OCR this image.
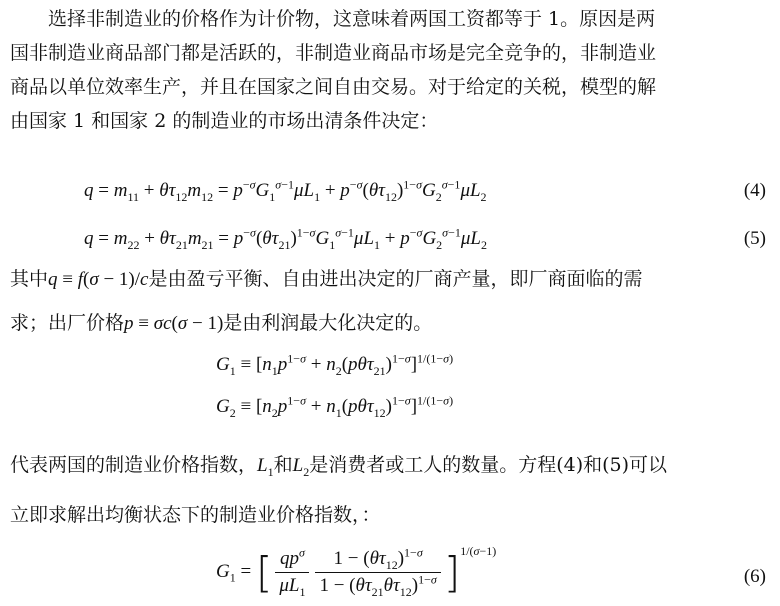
选择非制造业的价格作为计价物，这意味着两国工资都等于 1。原因是两
国非制造业商品部门都是活跃的，非制造业商品市场是完全竞争的，非制造业
商品以单位效率生产，并且在国家之间自由交易。对于给定的关税，模型的解
由国家 1 和国家 2 的制造业的市场出清条件决定：
$q = m_{11} + \theta\tau_{12}m_{12} = p^{-\sigma}G_1^{\sigma-1}\mu L_1 + p^{-\sigma}(\theta\tau_{12})^{1-\sigma}G_2^{\sigma-1}\mu L_2$	(4)
$q = m_{22} + \theta\tau_{21}m_{21} = p^{-\sigma}(\theta\tau_{21})^{1-\sigma}G_1^{\sigma-1}\mu L_1 + p^{-\sigma}G_2^{\sigma-1}\mu L_2$	(5)
其中q ≡ f(σ − 1)/c是由盈亏平衡、自由进出决定的厂商产量，即厂商面临的需
求；出厂价格p ≡ σc(σ − 1)是由利润最大化决定的。
$G_1 \equiv [n_1p^{1-\sigma} + n_2(p\theta\tau_{21})^{1-\sigma}]^{1/(1-\sigma)}$
$G_2 \equiv [n_2p^{1-\sigma} + n_1(p\theta\tau_{12})^{1-\sigma}]^{1/(1-\sigma)}$
代表两国的制造业价格指数，$L_1$和$L_2$是消费者或工人的数量。方程(4)和(5)可以
立即求解出均衡状态下的制造业价格指数，：
$G_1$ = [ $\frac{qp^\sigma}{\mu L_1} \frac{1 - (\theta\tau_{12})^{1-\sigma}}{1 - (\theta\tau_{21}\theta\tau_{12})^{1-\sigma}} ]^{1/(\sigma-1)}$
(6)
